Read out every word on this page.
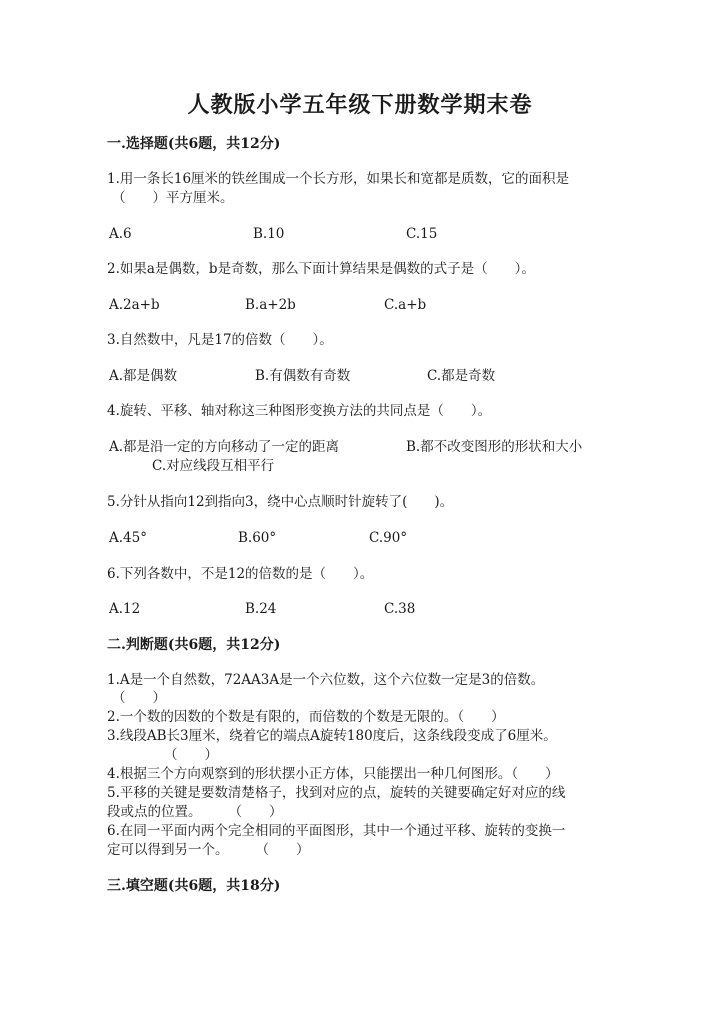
人教版小学五年级下册数学期末卷
一.选择题(共6题，共12分)
1.用一条长16厘米的铁丝围成一个长方形，如果长和宽都是质数，它的面积是
（　　）平方厘米。
A.6	B.10	C.15
2.如果a是偶数，b是奇数，那么下面计算结果是偶数的式子是（　　）。
A.2a+b	B.a+2b	C.a+b
3.自然数中，凡是17的倍数（　　）。
A.都是偶数	B.有偶数有奇数	C.都是奇数
4.旋转、平移、轴对称这三种图形变换方法的共同点是（　　）。
A.都是沿一定的方向移动了一定的距离	B.都不改变图形的形状和大小
C.对应线段互相平行
5.分针从指向12到指向3，绕中心点顺时针旋转了(　　)。
A.45°	B.60°	C.90°
6.下列各数中，不是12的倍数的是（　　）。
A.12	B.24	C.38
二.判断题(共6题，共12分)
1.A是一个自然数，72AA3A是一个六位数，这个六位数一定是3的倍数。
（　　）
2.一个数的因数的个数是有限的，而倍数的个数是无限的。（　　）
3.线段AB长3厘米，绕着它的端点A旋转180度后，这条线段变成了6厘米。
（　　）
4.根据三个方向观察到的形状摆小正方体，只能摆出一种几何图形。（　　）
5.平移的关键是要数清楚格子，找到对应的点，旋转的关键要确定好对应的线
段或点的位置。　　　（　　）
6.在同一平面内两个完全相同的平面图形，其中一个通过平移、旋转的变换一
定可以得到另一个。　　　（　　）
三.填空题(共6题，共18分)
